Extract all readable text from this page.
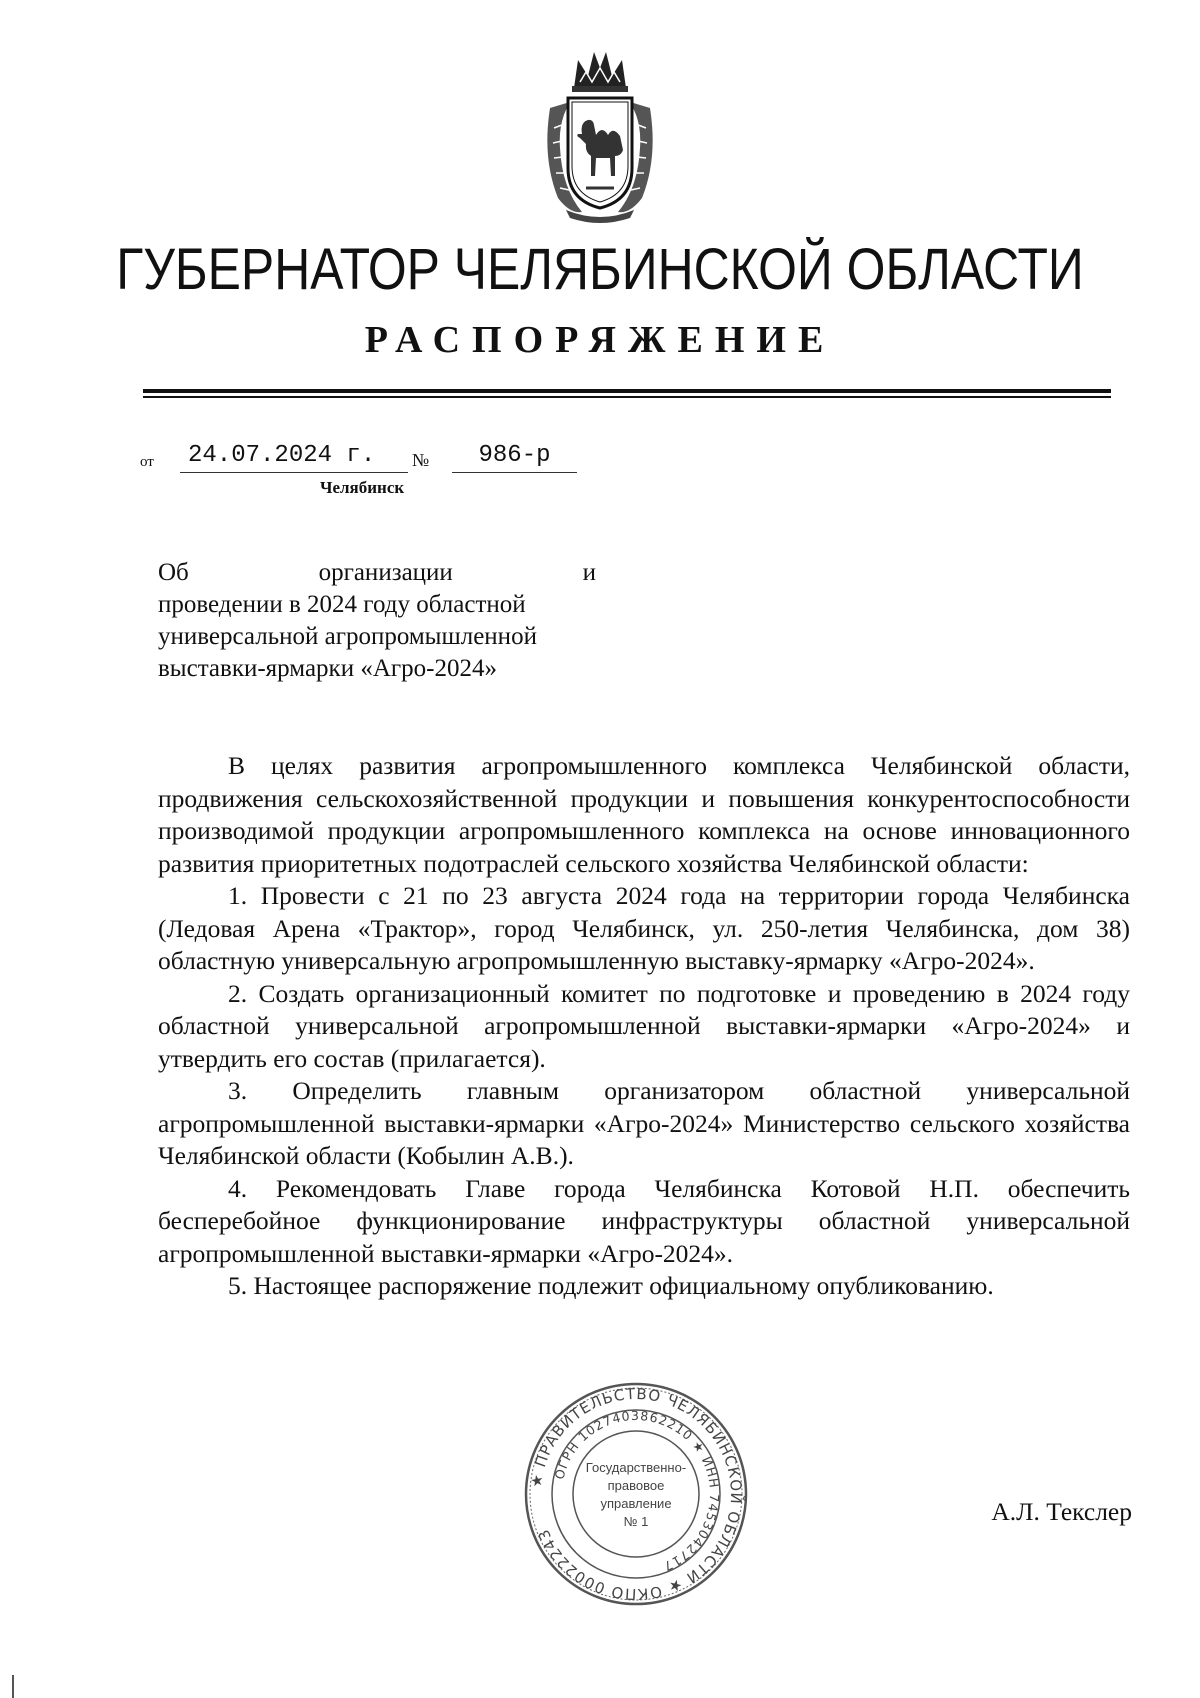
ГУБЕРНАТОР ЧЕЛЯБИНСКОЙ ОБЛАСТИ
РАСПОРЯЖЕНИЕ
от	24.07.2024 г.	№	986-р
Челябинск
Об организации и
проведении в 2024 году областной
универсальной агропромышленной
выставки-ярмарки «Агро-2024»

В целях развития агропромышленного комплекса Челябинской области, продвижения сельскохозяйственной продукции и повышения конкурентоспособности производимой продукции агропромышленного комплекса на основе инновационного развития приоритетных подотраслей сельского хозяйства Челябинской области:

1. Провести с 21 по 23 августа 2024 года на территории города Челябинска (Ледовая Арена «Трактор», город Челябинск, ул. 250-летия Челябинска, дом 38) областную универсальную агропромышленную выставку-ярмарку «Агро-2024».

2. Создать организационный комитет по подготовке и проведению в 2024 году областной универсальной агропромышленной выставки-ярмарки «Агро-2024» и утвердить его состав (прилагается).

3. Определить главным организатором областной универсальной агропромышленной выставки-ярмарки «Агро-2024» Министерство сельского хозяйства Челябинской области (Кобылин А.В.).

4. Рекомендовать Главе города Челябинска Котовой Н.П. обеспечить бесперебойное функционирование инфраструктуры областной универсальной агропромышленной выставки-ярмарки «Агро-2024».

5. Настоящее распоряжение подлежит официальному опубликованию.

★ ПРАВИТЕЛЬСТВО ЧЕЛЯБИНСКОЙ ОБЛАСТИ ★ ОКПО 00022243
ОГРН 1027403862210 ★ ИНН 7453042717
Государственно-
правовое
управление
№ 1	А.Л. Текслер
